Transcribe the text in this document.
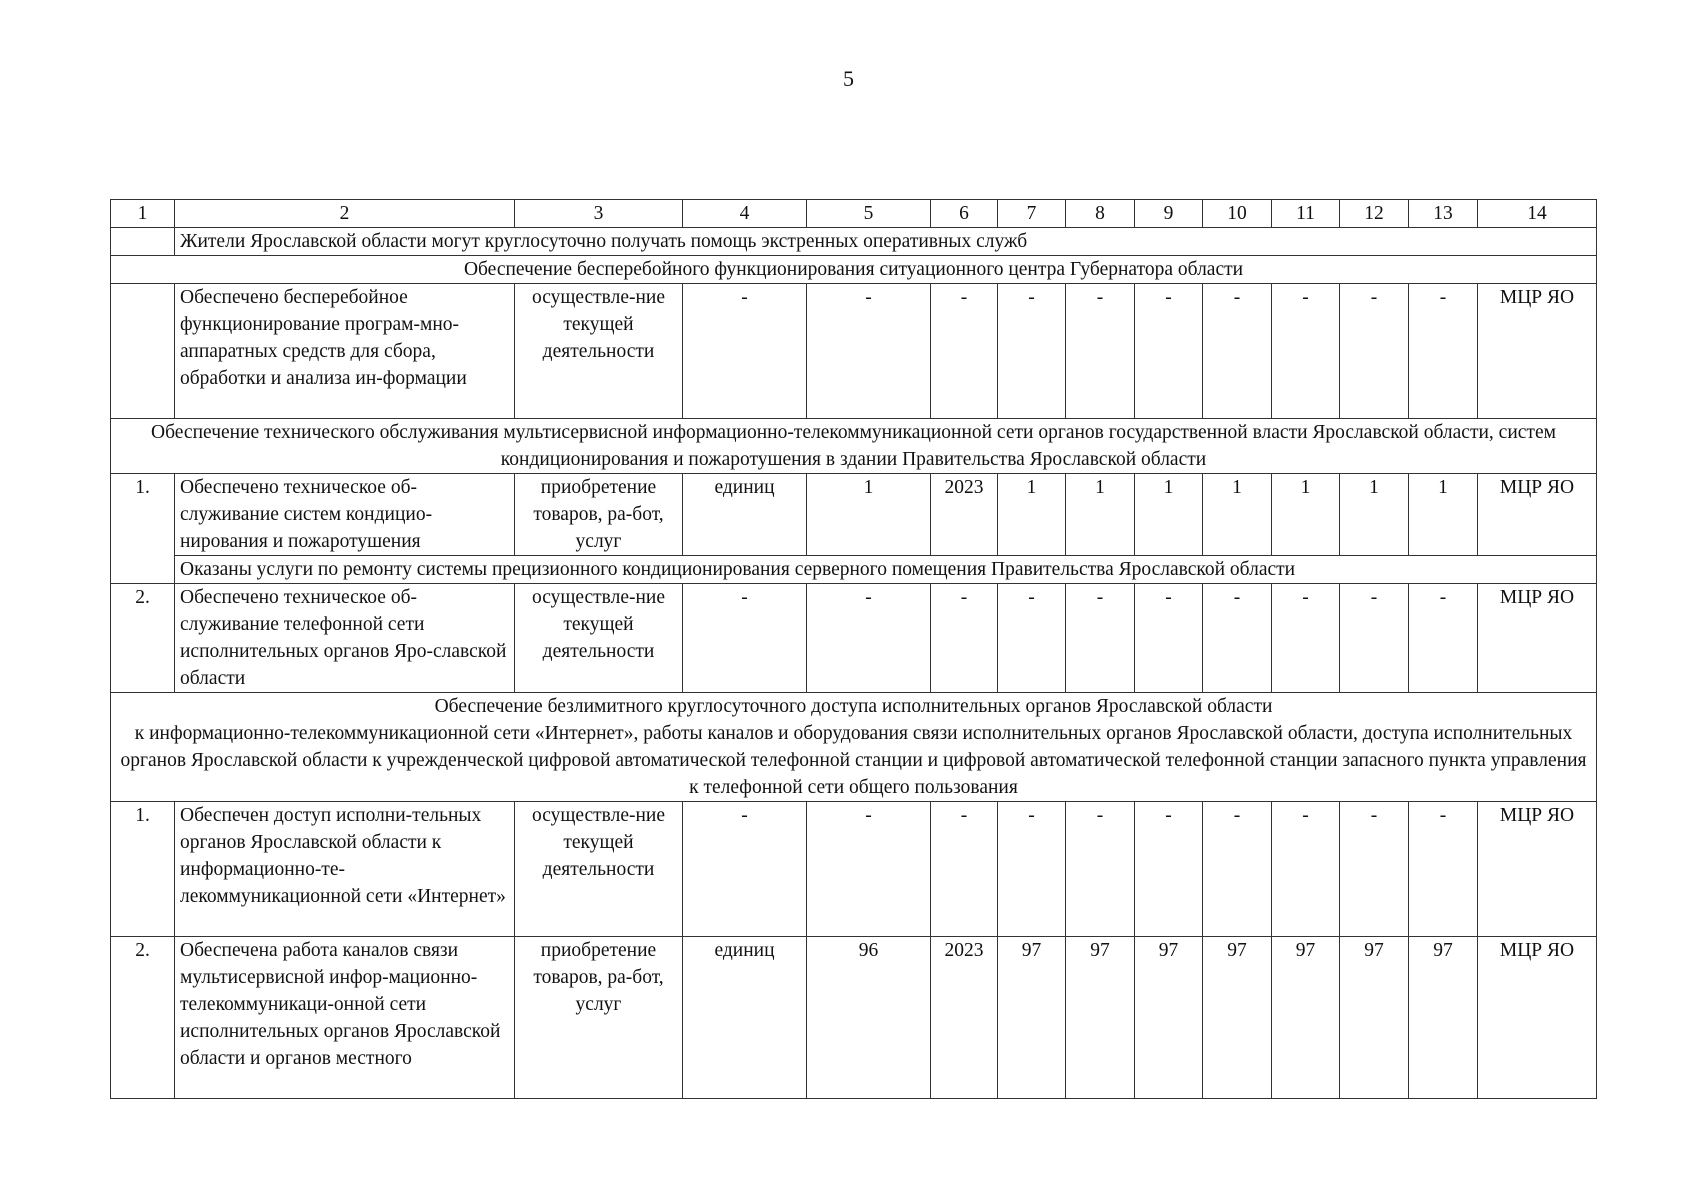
5
1	2	3	4	5	6	7	8	9	10	11	12	13	14
	Жители Ярославской области могут круглосуточно получать помощь экстренных оперативных служб												
Обеспечение бесперебойного функционирования ситуационного центра Губернатора области													
	Обеспечено бесперебойное функционирование програм-мно-аппаратных средств для сбора, обработки и анализа ин-формации	осуществле-ние текущей деятельности	-	-	-	-	-	-	-	-	-	-	МЦР ЯО
Обеспечение технического обслуживания мультисервисной информационно-телекоммуникационной сети органов государственной власти Ярославской области, систем кондиционирования и пожаротушения в здании Правительства Ярославской области													
1.	Обеспечено техническое об-служивание систем кондицио-нирования и пожаротушения	приобретение товаров, ра-бот, услуг	единиц	1	2023	1	1	1	1	1	1	1	МЦР ЯО
	Оказаны услуги по ремонту системы прецизионного кондиционирования серверного помещения Правительства Ярославской области												
2.	Обеспечено техническое об-служивание телефонной сети исполнительных органов Яро-славской области	осуществле-ние текущей деятельности	-	-	-	-	-	-	-	-	-	-	МЦР ЯО

Обеспечение безлимитного круглосуточного доступа исполнительных органов Ярославской области
к информационно-телекоммуникационной сети «Интернет», работы каналов и оборудования связи исполнительных органов Ярославской области, доступа исполнительных органов Ярославской области к учрежденческой цифровой автоматической телефонной станции и цифровой автоматической телефонной станции запасного пункта управления к телефонной сети общего пользования													

1.	Обеспечен доступ исполни-тельных органов Ярославской области к информационно-те-лекоммуникационной сети «Интернет»	осуществле-ние текущей деятельности	-	-	-	-	-	-	-	-	-	-	МЦР ЯО
2.	Обеспечена работа каналов связи мультисервисной инфор-мационно-телекоммуникаци-онной сети исполнительных органов Ярославской области и органов местного	приобретение товаров, ра-бот, услуг	единиц	96	2023	97	97	97	97	97	97	97	МЦР ЯО
